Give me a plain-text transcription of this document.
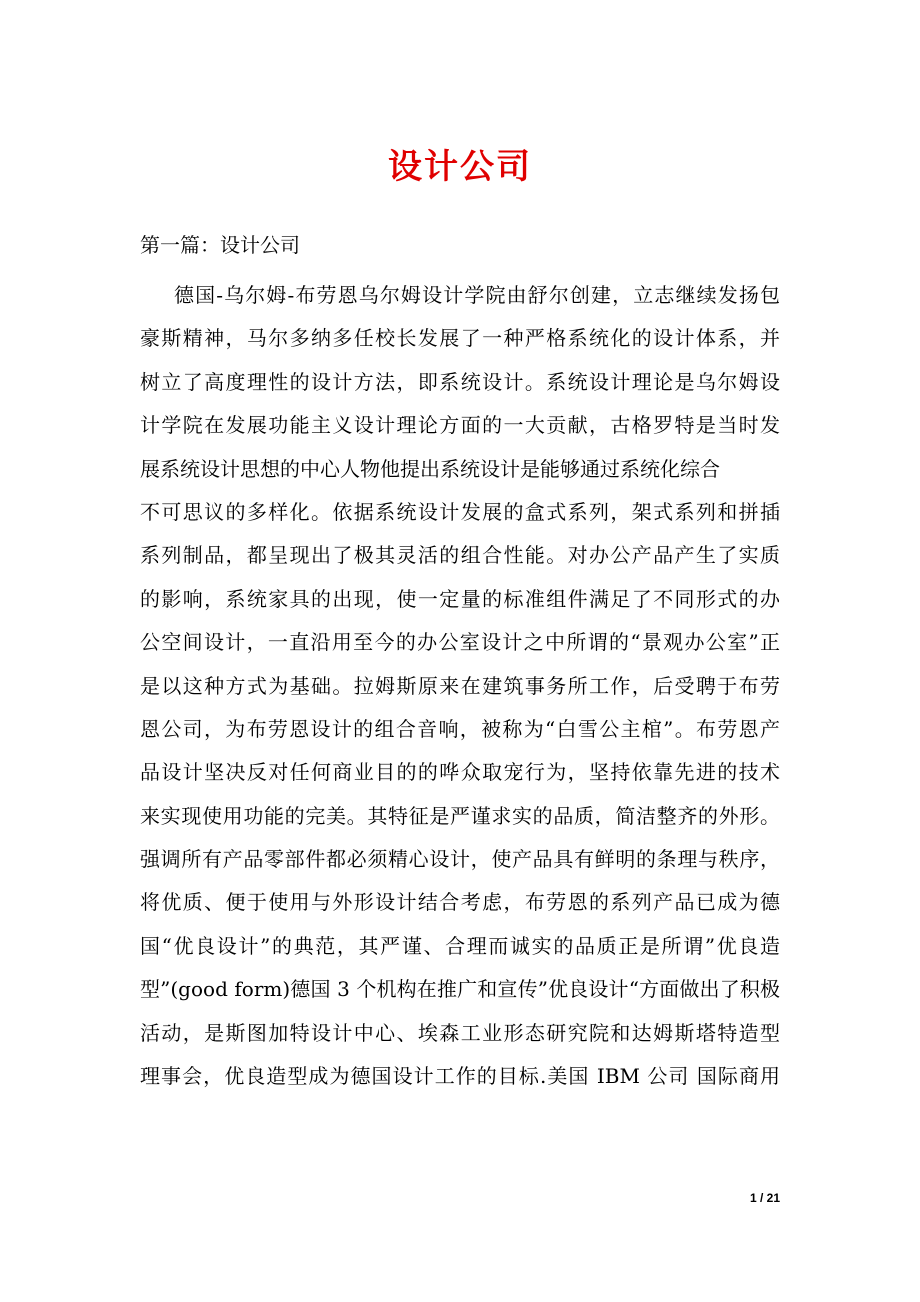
设计公司

第一篇：设计公司

德国-乌尔姆-布劳恩乌尔姆设计学院由舒尔创建，立志继续发扬包
豪斯精神，马尔多纳多任校长发展了一种严格系统化的设计体系，并
树立了高度理性的设计方法，即系统设计。系统设计理论是乌尔姆设
计学院在发展功能主义设计理论方面的一大贡献，古格罗特是当时发
展系统设计思想的中心人物他提出系统设计是能够通过系统化综合
不可思议的多样化。依据系统设计发展的盒式系列，架式系列和拼插
系列制品，都呈现出了极其灵活的组合性能。对办公产品产生了实质
的影响，系统家具的出现，使一定量的标准组件满足了不同形式的办
公空间设计，一直沿用至今的办公室设计之中所谓的“景观办公室”正
是以这种方式为基础。拉姆斯原来在建筑事务所工作，后受聘于布劳
恩公司，为布劳恩设计的组合音响，被称为“白雪公主棺”。布劳恩产
品设计坚决反对任何商业目的的哗众取宠行为，坚持依靠先进的技术
来实现使用功能的完美。其特征是严谨求实的品质，简洁整齐的外形。
强调所有产品零部件都必须精心设计，使产品具有鲜明的条理与秩序，
将优质、便于使用与外形设计结合考虑，布劳恩的系列产品已成为德
国“优良设计”的典范，其严谨、合理而诚实的品质正是所谓”优良造
型”(good form)德国 3 个机构在推广和宣传”优良设计“方面做出了积极
活动，是斯图加特设计中心、埃森工业形态研究院和达姆斯塔特造型
理事会，优良造型成为德国设计工作的目标.美国 IBM 公司 国际商用
1 / 21
